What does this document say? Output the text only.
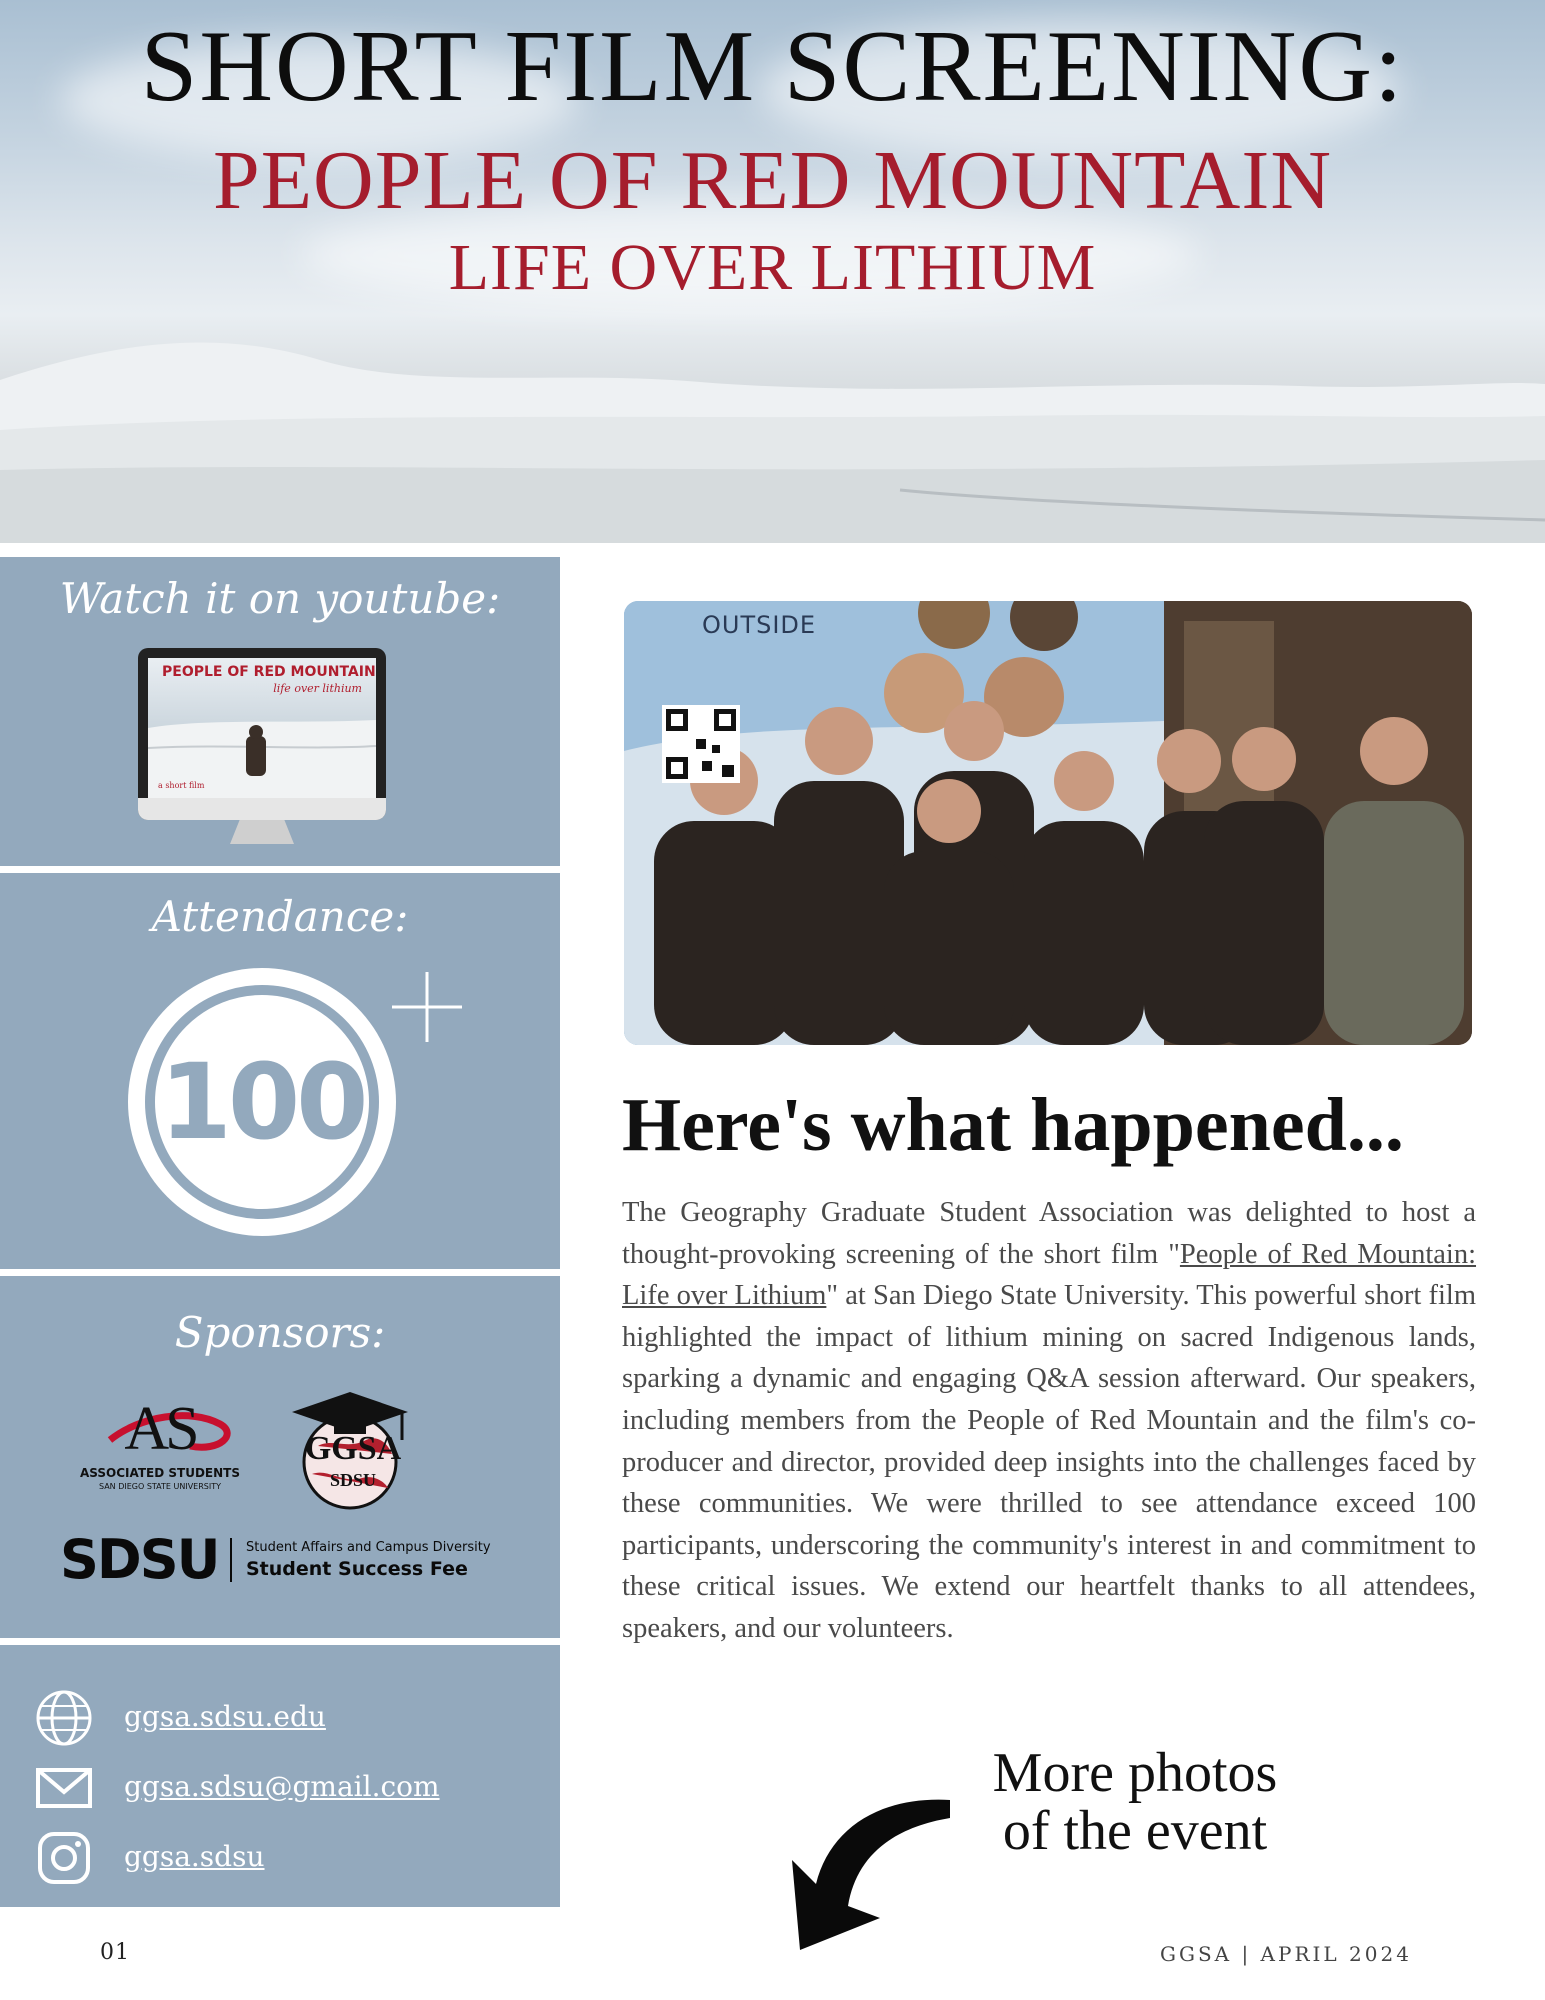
SHORT FILM SCREENING:
PEOPLE OF RED MOUNTAIN
LIFE OVER LITHIUM
Watch it on youtube:
PEOPLE OF RED MOUNTAIN
life over lithium
a short film
Attendance:
100
Sponsors:
AS
ASSOCIATED STUDENTS
SAN DIEGO STATE UNIVERSITY
GGSA
SDSU
SDSU Student Affairs and Campus Diversity
Student Success Fee
ggsa.sdsu.edu
ggsa.sdsu@gmail.com
ggsa.sdsu
OUTSIDE
Here's what happened...

The Geography Graduate Student Association was delighted to host a thought-provoking screening of the short film "People of Red Mountain: Life over Lithium" at San Diego State University. This powerful short film highlighted the impact of lithium mining on sacred Indigenous lands, sparking a dynamic and engaging Q&A session afterward. Our speakers, including members from the People of Red Mountain and the film's co-producer and director, provided deep insights into the challenges faced by these communities. We were thrilled to see attendance exceed 100 participants, underscoring the community's interest in and commitment to these critical issues. We extend our heartfelt thanks to all attendees, speakers, and our volunteers.

More photos
of the event
01	GGSA | APRIL 2024
